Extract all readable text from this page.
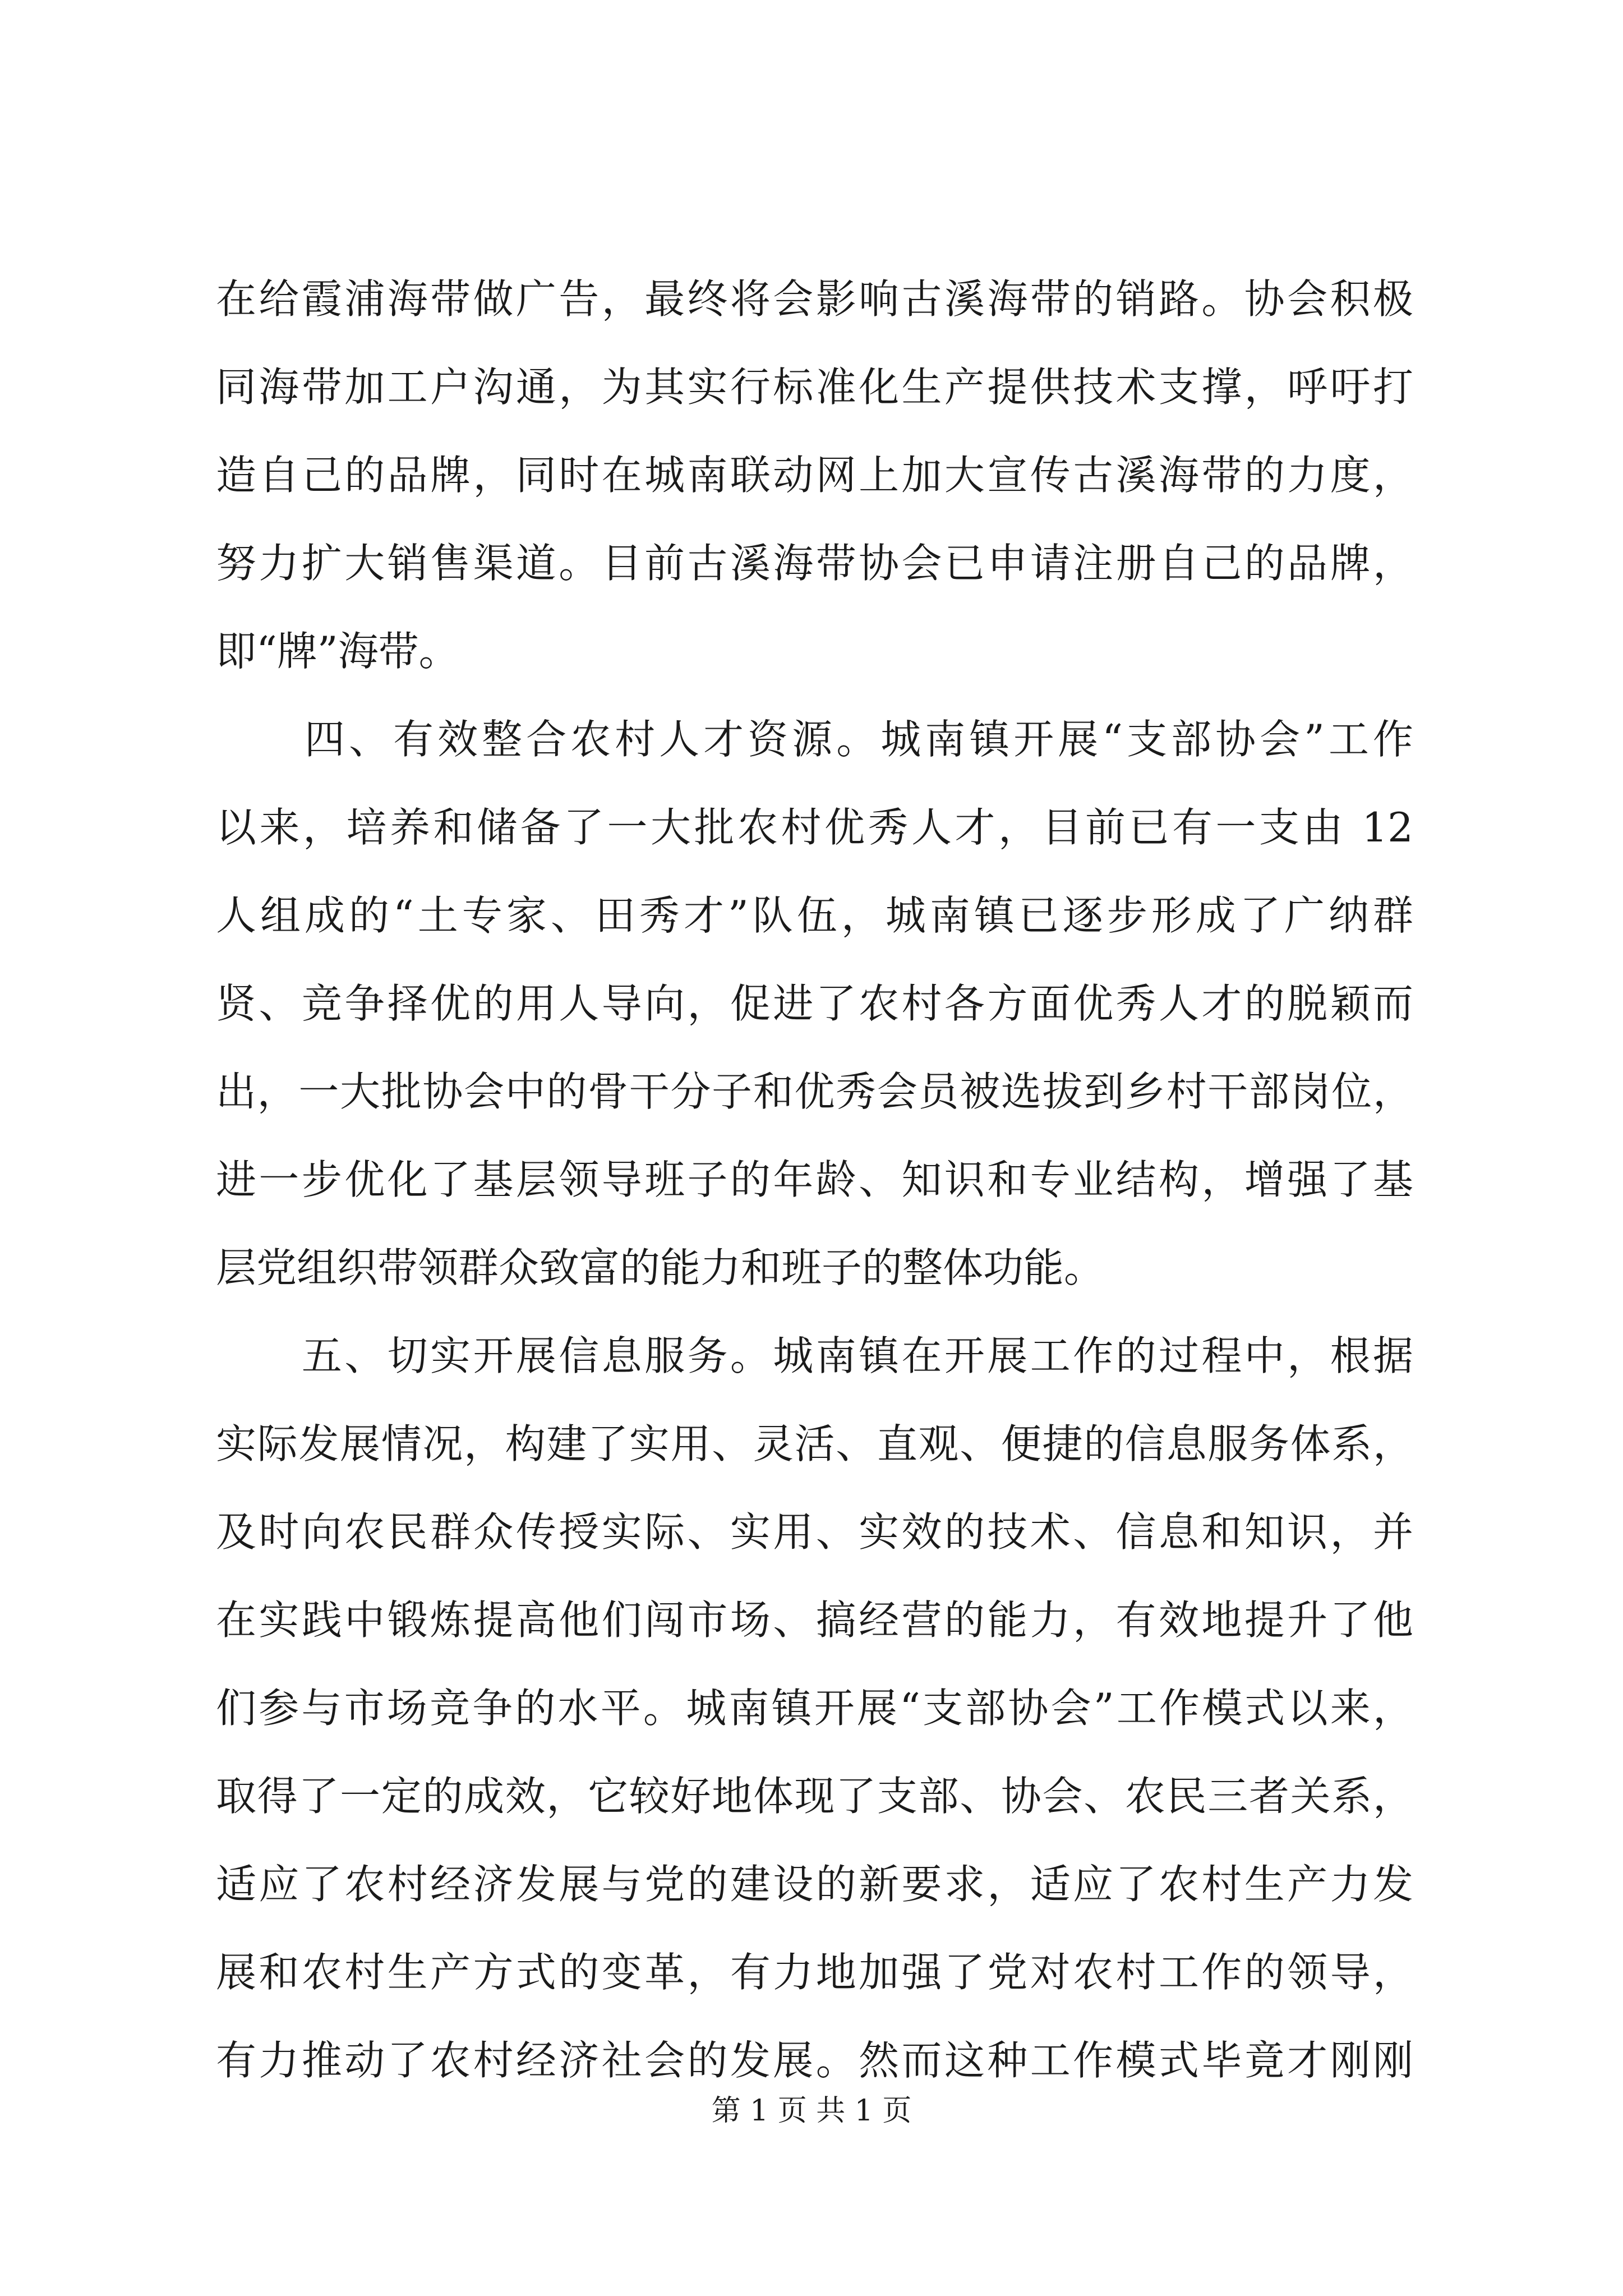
在给霞浦海带做广告，最终将会影响古溪海带的销路。协会积极
同海带加工户沟通，为其实行标准化生产提供技术支撑，呼吁打
造自己的品牌，同时在城南联动网上加大宣传古溪海带的力度，
努力扩大销售渠道。目前古溪海带协会已申请注册自己的品牌，
即“牌”海带。
　　四、有效整合农村人才资源。城南镇开展“支部协会”工作
以来，培养和储备了一大批农村优秀人才，目前已有一支由 12
人组成的“土专家、田秀才”队伍，城南镇已逐步形成了广纳群
贤、竞争择优的用人导向，促进了农村各方面优秀人才的脱颖而
出，一大批协会中的骨干分子和优秀会员被选拔到乡村干部岗位，
进一步优化了基层领导班子的年龄、知识和专业结构，增强了基
层党组织带领群众致富的能力和班子的整体功能。
　　五、切实开展信息服务。城南镇在开展工作的过程中，根据
实际发展情况，构建了实用、灵活、直观、便捷的信息服务体系，
及时向农民群众传授实际、实用、实效的技术、信息和知识，并
在实践中锻炼提高他们闯市场、搞经营的能力，有效地提升了他
们参与市场竞争的水平。城南镇开展“支部协会”工作模式以来，
取得了一定的成效，它较好地体现了支部、协会、农民三者关系，
适应了农村经济发展与党的建设的新要求，适应了农村生产力发
展和农村生产方式的变革，有力地加强了党对农村工作的领导，
有力推动了农村经济社会的发展。然而这种工作模式毕竟才刚刚
第 1 页 共 1 页
